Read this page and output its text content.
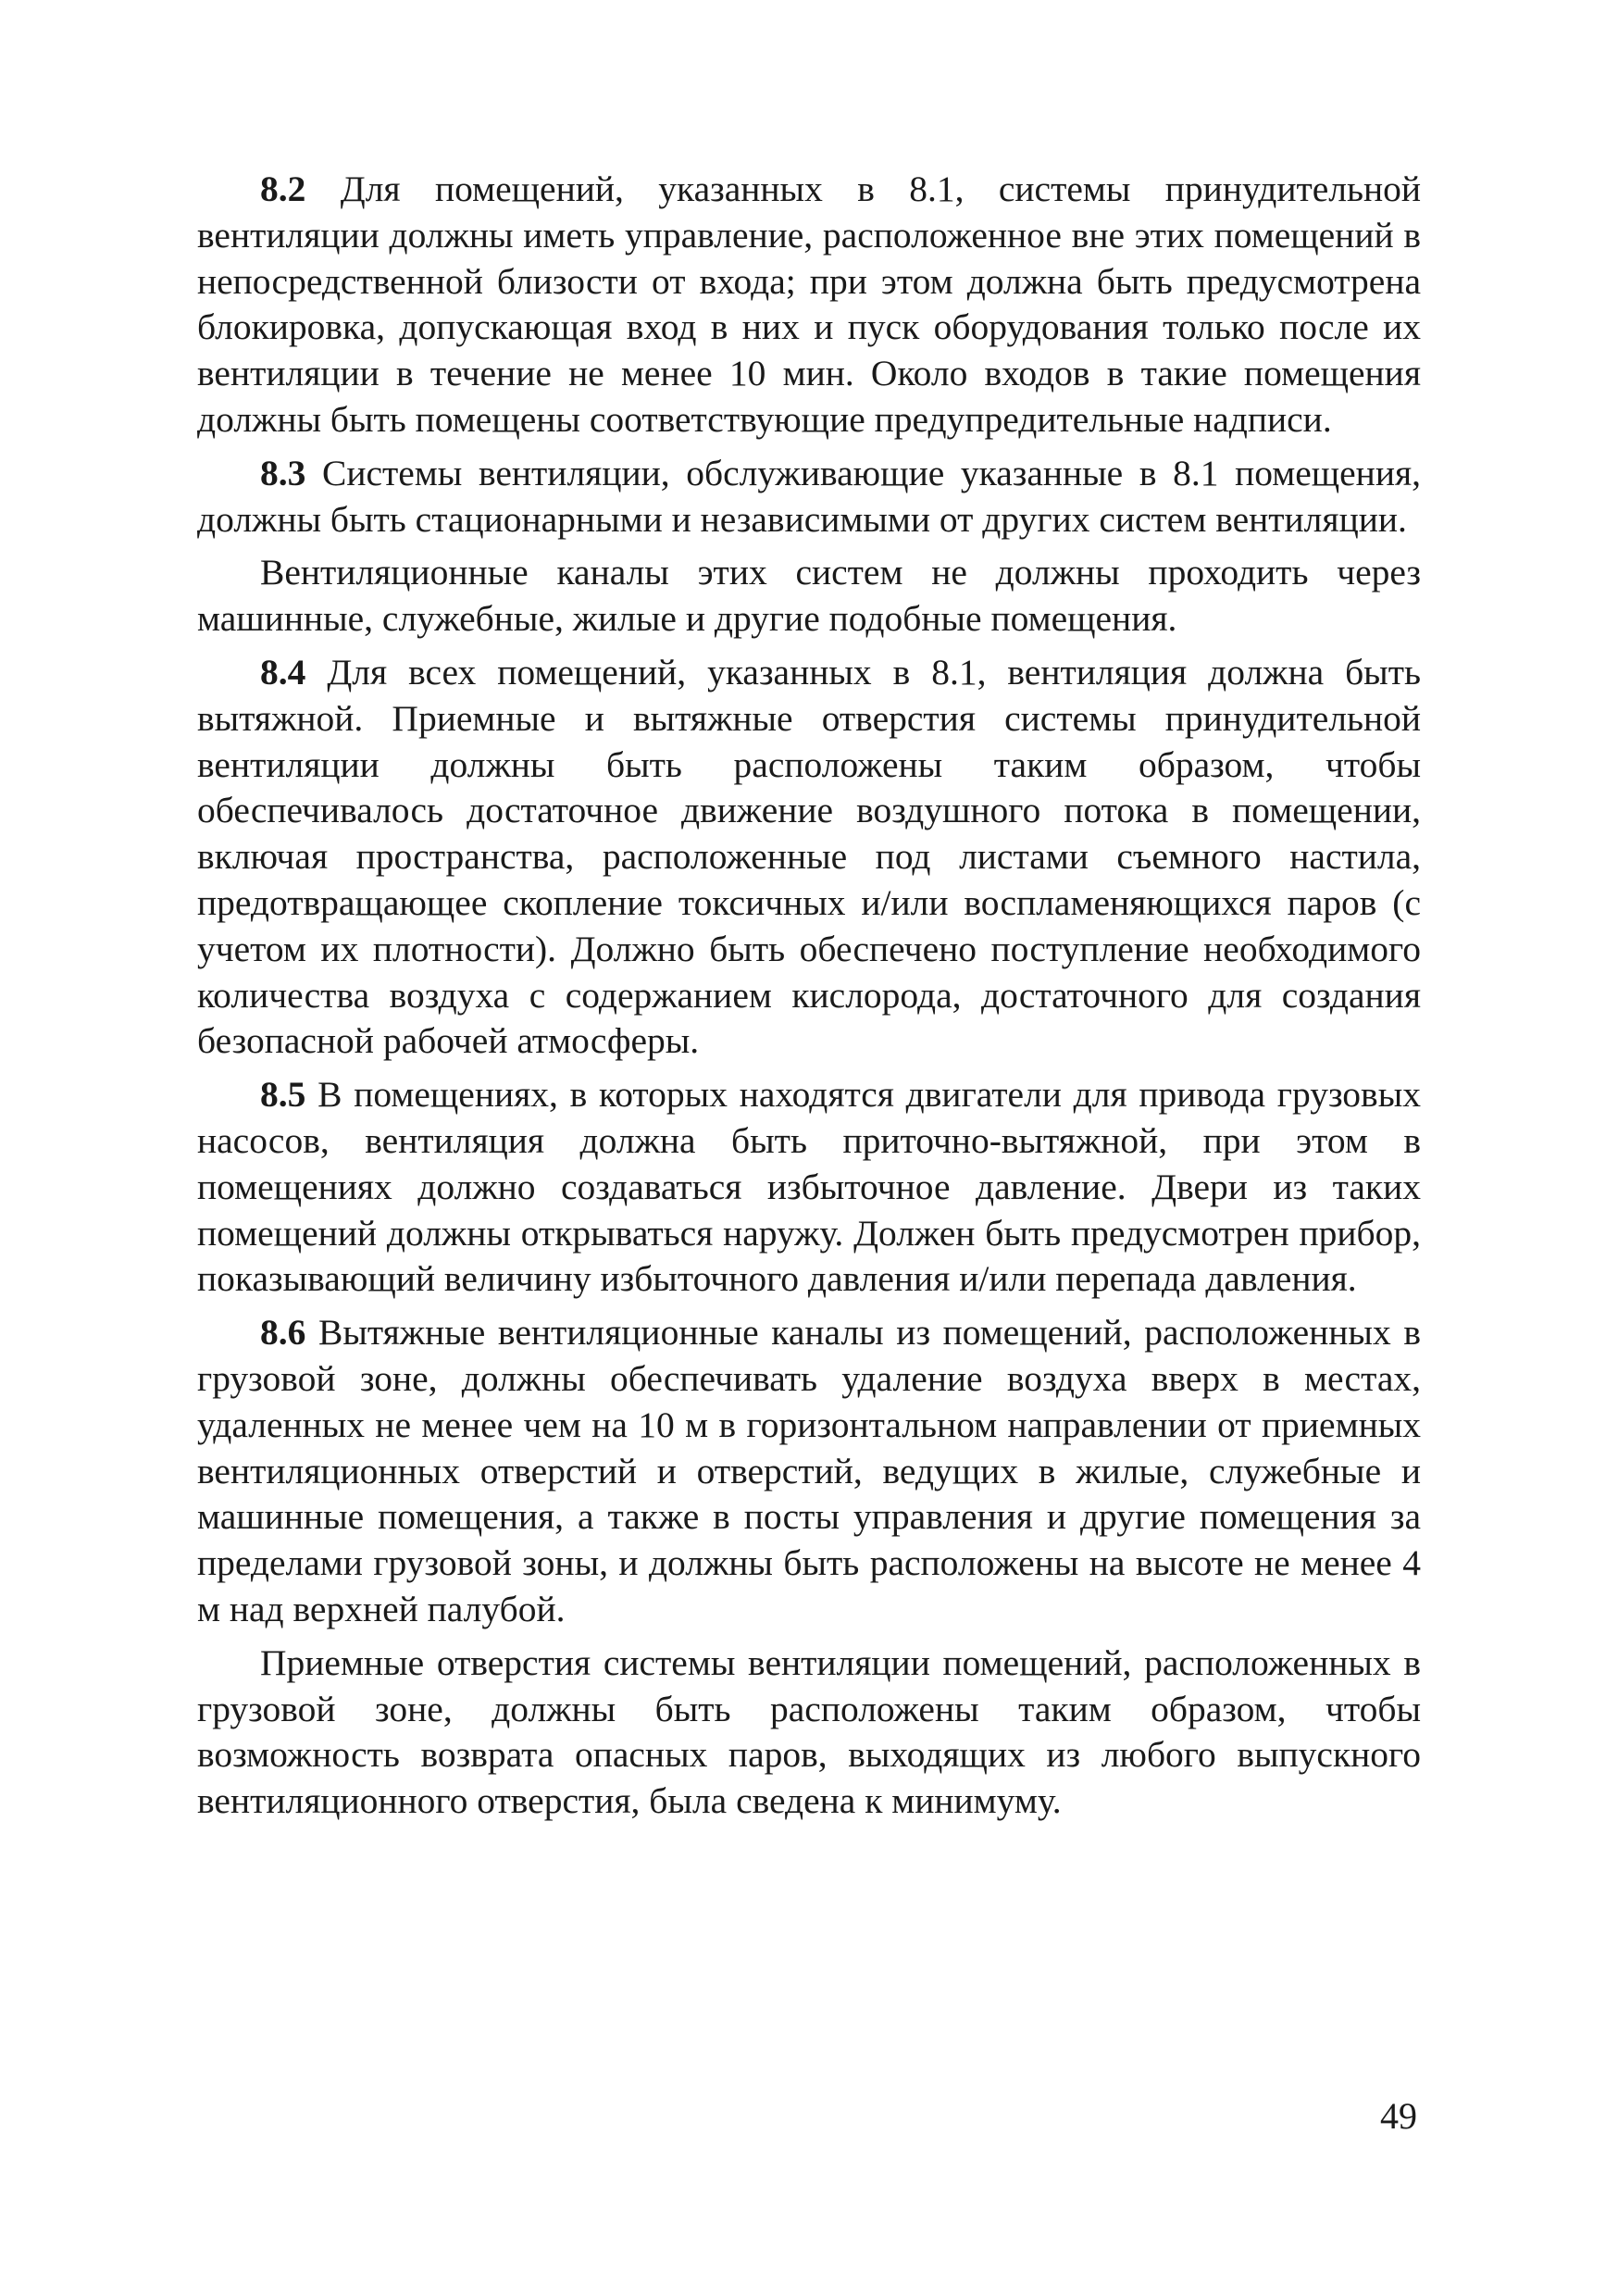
8.2 Для помещений, указанных в 8.1, системы принудительной вентиляции должны иметь управление, расположенное вне этих помещений в непосредственной близости от входа; при этом должна быть предусмотрена блокировка, допускающая вход в них и пуск оборудования только после их вентиляции в течение не менее 10 мин. Около входов в такие помещения должны быть помещены соответствующие предупредительные надписи.

8.3 Системы вентиляции, обслуживающие указанные в 8.1 помещения, должны быть стационарными и независимыми от других систем вентиляции.

Вентиляционные каналы этих систем не должны проходить через машинные, служебные, жилые и другие подобные помещения.

8.4 Для всех помещений, указанных в 8.1, вентиляция должна быть вытяжной. Приемные и вытяжные отверстия системы принудительной вентиляции должны быть расположены таким образом, чтобы обеспечивалось достаточное движение воздушного потока в помещении, включая пространства, расположенные под листами съемного настила, предотвращающее скопление токсичных и/или воспламеняющихся паров (с учетом их плотности). Должно быть обеспечено поступление необходимого количества воздуха с содержанием кислорода, достаточного для создания безопасной рабочей атмосферы.

8.5 В помещениях, в которых находятся двигатели для привода грузовых насосов, вентиляция должна быть приточно-вытяжной, при этом в помещениях должно создаваться избыточное давление. Двери из таких помещений должны открываться наружу. Должен быть предусмотрен прибор, показывающий величину избыточного давления и/или перепада давления.

8.6 Вытяжные вентиляционные каналы из помещений, расположенных в грузовой зоне, должны обеспечивать удаление воздуха вверх в местах, удаленных не менее чем на 10 м в горизонтальном направлении от приемных вентиляционных отверстий и отверстий, ведущих в жилые, служебные и машинные помещения, а также в посты управления и другие помещения за пределами грузовой зоны, и должны быть расположены на высоте не менее 4 м над верхней палубой.

Приемные отверстия системы вентиляции помещений, расположенных в грузовой зоне, должны быть расположены таким образом, чтобы возможность возврата опасных паров, выходящих из любого выпускного вентиляционного отверстия, была сведена к минимуму.

49
